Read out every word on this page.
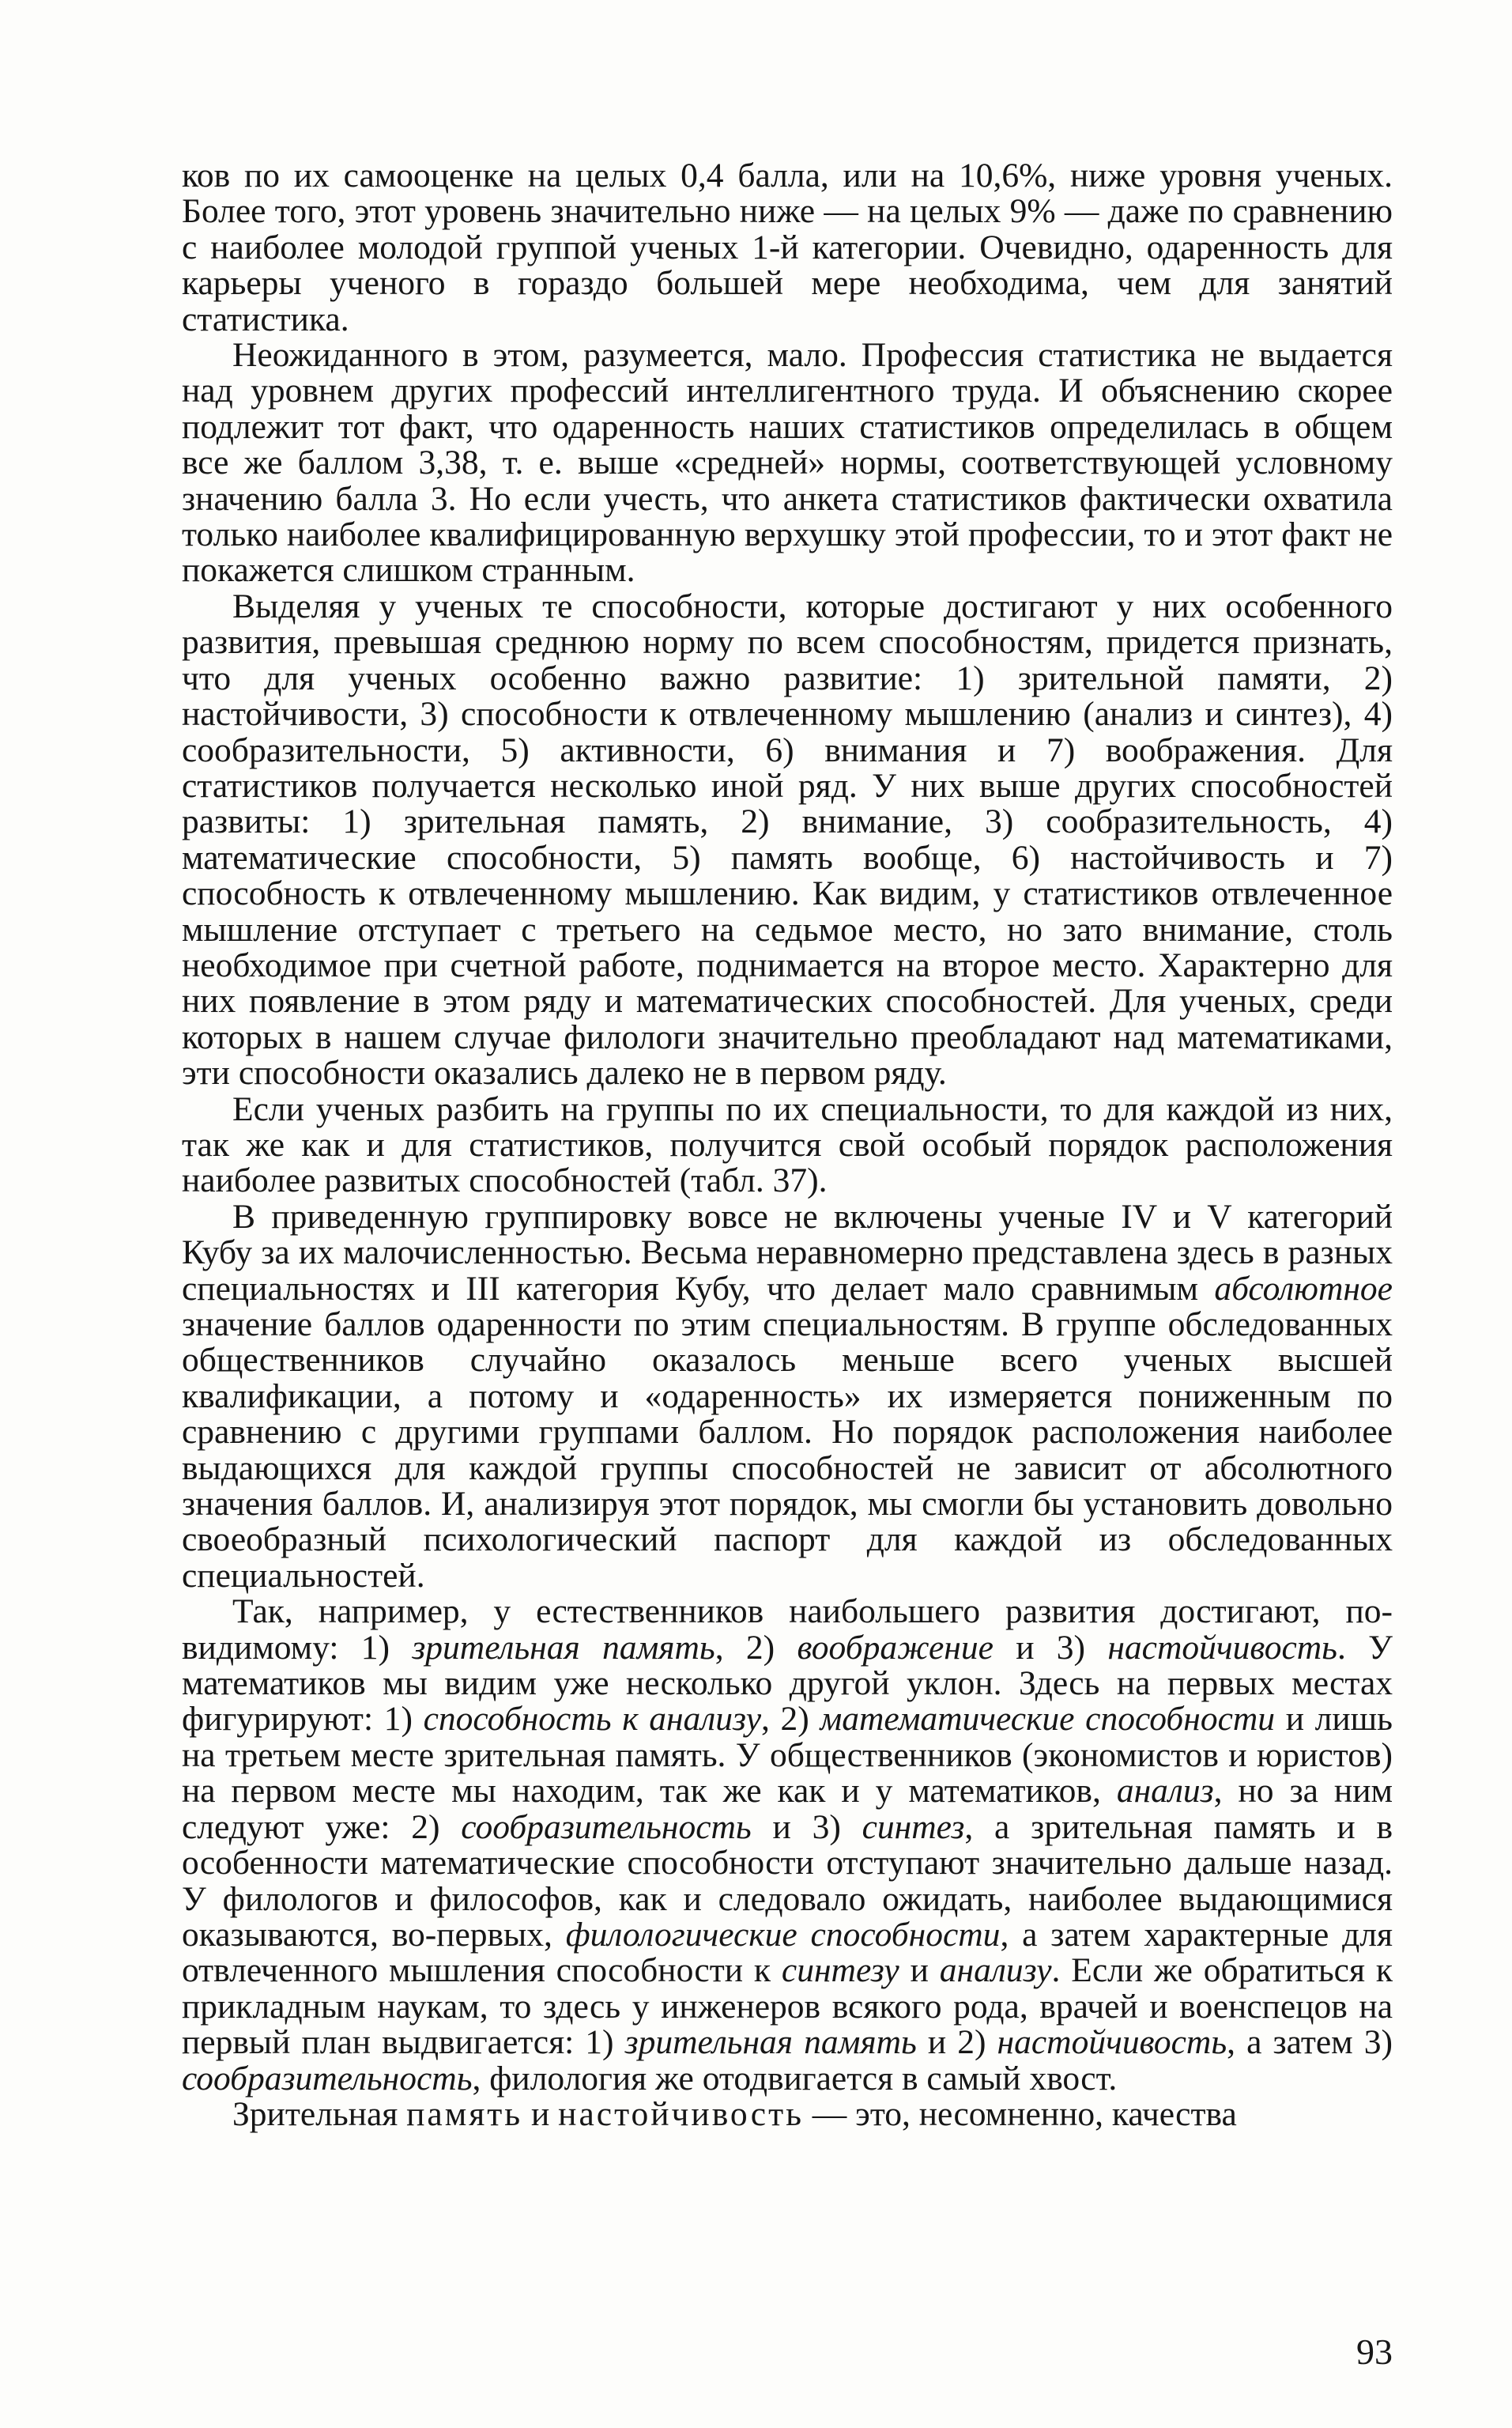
ков по их самооценке на целых 0,4 балла, или на 10,6%, ниже уровня ученых. Более того, этот уровень значительно ниже — на целых 9% — даже по сравнению с наиболее молодой группой ученых 1-й категории. Очевидно, одаренность для карьеры ученого в гораздо большей мере необходима, чем для занятий статистика.

Неожиданного в этом, разумеется, мало. Профессия статистика не выдается над уровнем других профессий интеллигентного труда. И объяснению скорее подлежит тот факт, что одаренность наших статистиков определилась в общем все же баллом 3,38, т. е. выше «средней» нормы, соответствующей условному значению балла 3. Но если учесть, что анкета статистиков фактически охватила только наиболее квалифицированную верхушку этой профессии, то и этот факт не покажется слишком странным.

Выделяя у ученых те способности, которые достигают у них особенного развития, превышая среднюю норму по всем способностям, придется признать, что для ученых особенно важно развитие: 1) зрительной памяти, 2) настойчивости, 3) способности к отвлеченному мышлению (анализ и синтез), 4) сообразительности, 5) активности, 6) внимания и 7) воображения. Для статистиков получается несколько иной ряд. У них выше других способностей развиты: 1) зрительная память, 2) внимание, 3) сообразительность, 4) математические способности, 5) память вообще, 6) настойчивость и 7) способность к отвлеченному мышлению. Как видим, у статистиков отвлеченное мышление отступает с третьего на седьмое место, но зато внимание, столь необходимое при счетной работе, поднимается на второе место. Характерно для них появление в этом ряду и математических способностей. Для ученых, среди которых в нашем случае филологи значительно преобладают над математиками, эти способности оказались далеко не в первом ряду.

Если ученых разбить на группы по их специальности, то для каждой из них, так же как и для статистиков, получится свой особый порядок расположения наиболее развитых способностей (табл. 37).

В приведенную группировку вовсе не включены ученые IV и V категорий Кубу за их малочисленностью. Весьма неравномерно представлена здесь в разных специальностях и III категория Кубу, что делает мало сравнимым абсолютное значение баллов одаренности по этим специальностям. В группе обследованных общественников случайно оказалось меньше всего ученых высшей квалификации, а потому и «одаренность» их измеряется пониженным по сравнению с другими группами баллом. Но порядок расположения наиболее выдающихся для каждой группы способностей не зависит от абсолютного значения баллов. И, анализируя этот порядок, мы смогли бы установить довольно своеобразный психологический паспорт для каждой из обследованных специальностей.

Так, например, у естественников наибольшего развития достигают, по-видимому: 1) зрительная память, 2) воображение и 3) настойчивость. У математиков мы видим уже несколько другой уклон. Здесь на первых местах фигурируют: 1) способность к анализу, 2) математические способности и лишь на третьем месте зрительная память. У общественников (экономистов и юристов) на первом месте мы находим, так же как и у математиков, анализ, но за ним следуют уже: 2) сообразительность и 3) синтез, а зрительная память и в особенности математические способности отступают значительно дальше назад. У филологов и философов, как и следовало ожидать, наиболее выдающимися оказываются, во-первых, филологические способности, а затем характерные для отвлеченного мышления способности к синтезу и анализу. Если же обратиться к прикладным наукам, то здесь у инженеров всякого рода, врачей и военспецов на первый план выдвигается: 1) зрительная память и 2) настойчивость, а затем 3) сообразительность, филология же отодвигается в самый хвост.

Зрительная память и настойчивость — это, несомненно, качества

93
